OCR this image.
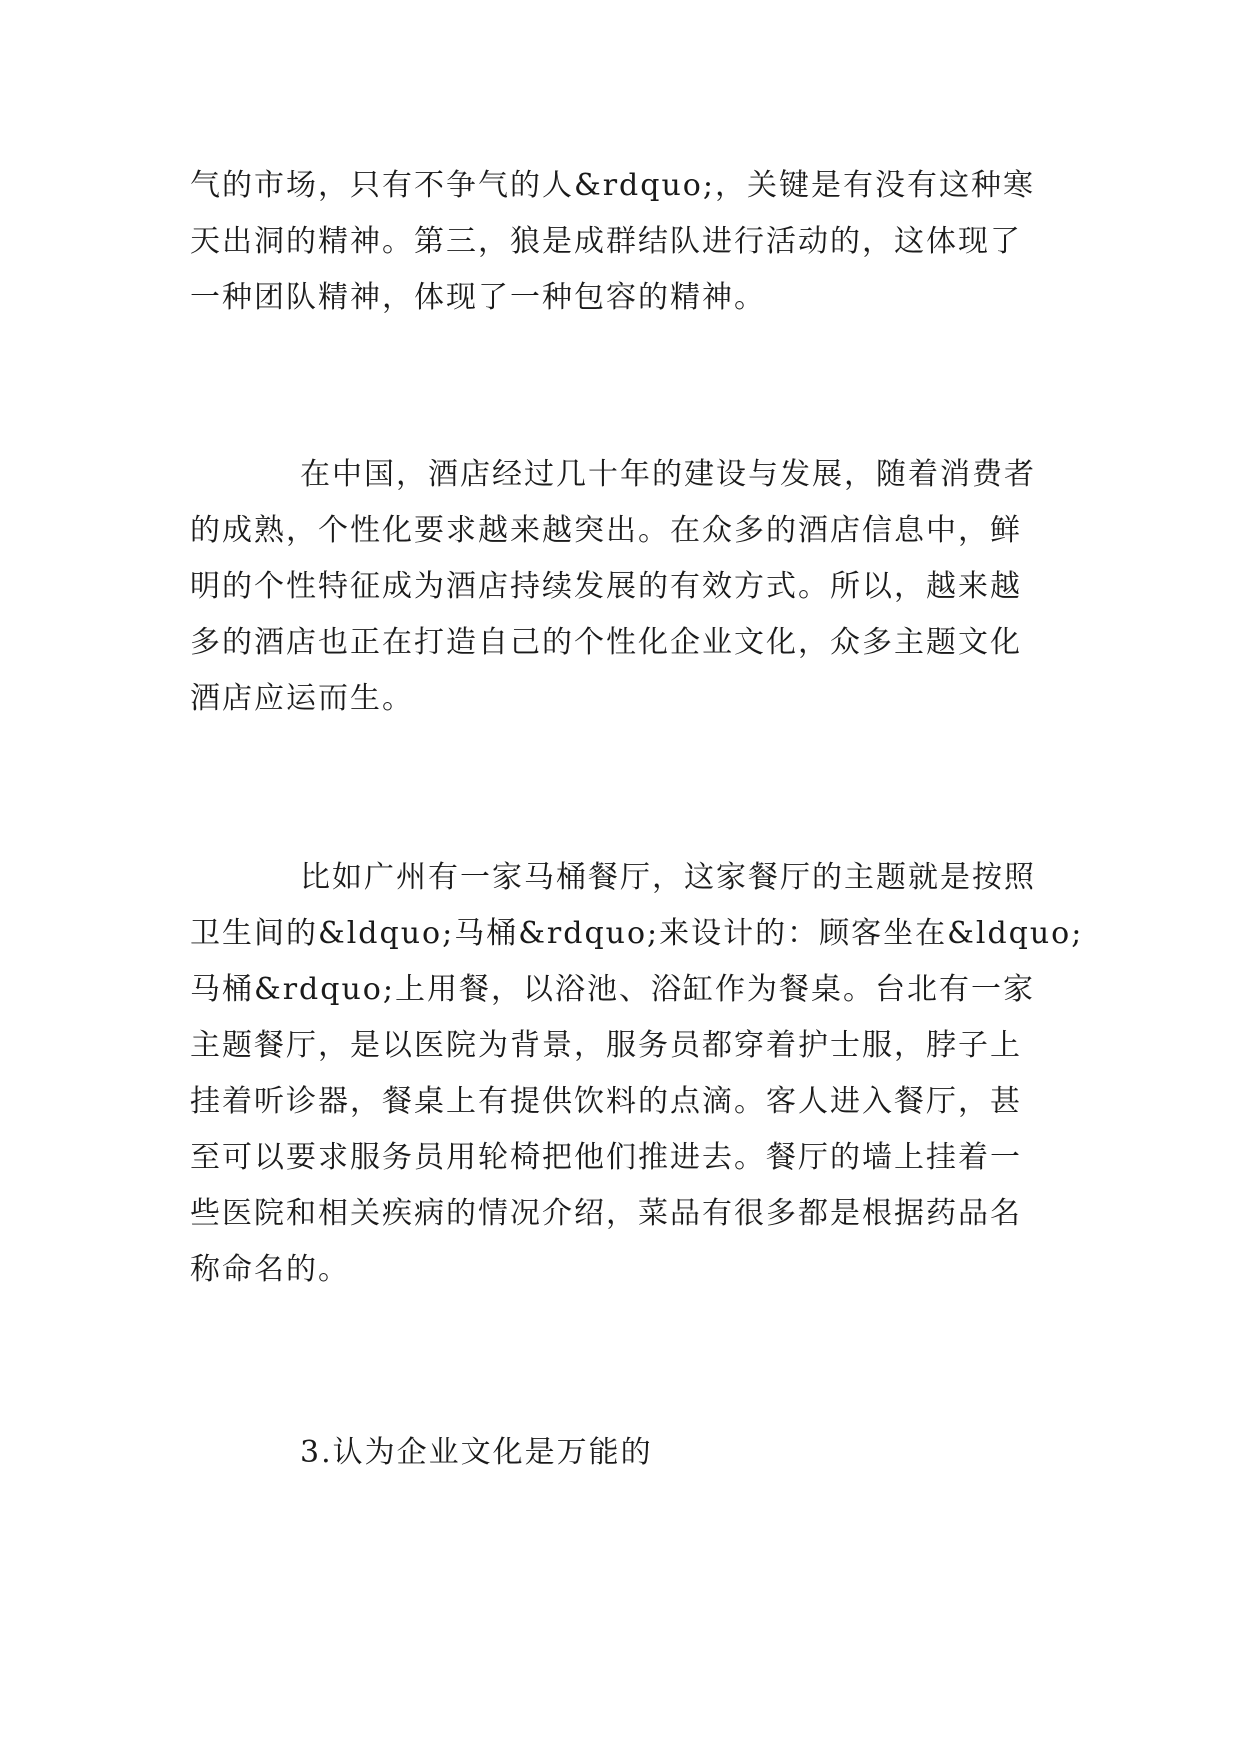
气的市场，只有不争气的人&rdquo;，关键是有没有这种寒
天出洞的精神。第三，狼是成群结队进行活动的，这体现了
一种团队精神，体现了一种包容的精神。
在中国，酒店经过几十年的建设与发展，随着消费者
的成熟，个性化要求越来越突出。在众多的酒店信息中，鲜
明的个性特征成为酒店持续发展的有效方式。所以，越来越
多的酒店也正在打造自己的个性化企业文化，众多主题文化
酒店应运而生。
比如广州有一家马桶餐厅，这家餐厅的主题就是按照
卫生间的&ldquo;马桶&rdquo;来设计的：顾客坐在&ldquo;
马桶&rdquo;上用餐，以浴池、浴缸作为餐桌。台北有一家
主题餐厅，是以医院为背景，服务员都穿着护士服，脖子上
挂着听诊器，餐桌上有提供饮料的点滴。客人进入餐厅，甚
至可以要求服务员用轮椅把他们推进去。餐厅的墙上挂着一
些医院和相关疾病的情况介绍，菜品有很多都是根据药品名
称命名的。
3.认为企业文化是万能的
